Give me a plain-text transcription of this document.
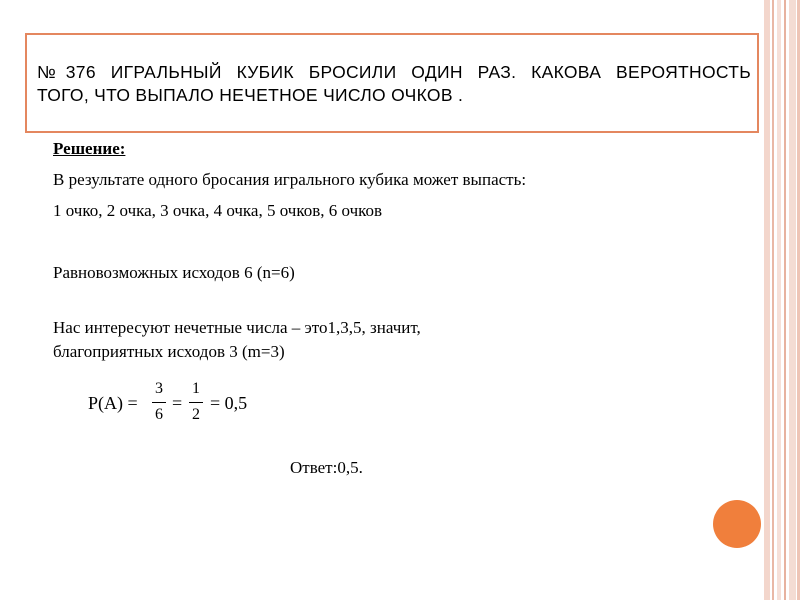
№376 ИГРАЛЬНЫЙ КУБИК БРОСИЛИ ОДИН РАЗ. КАКОВА ВЕРОЯТНОСТЬ
ТОГО, ЧТО ВЫПАЛО НЕЧЕТНОЕ ЧИСЛО ОЧКОВ .
Решение:
В результате одного бросания игрального кубика может выпасть:
1 очко, 2 очка, 3 очка, 4 очка, 5 очков, 6 очков
Равновозможных исходов 6 (n=6)
Нас интересуют нечетные числа – это1,3,5, значит,
благоприятных исходов 3 (m=3)
P(A) =
3
6
=
1
2
= 0,5
Ответ:0,5.
